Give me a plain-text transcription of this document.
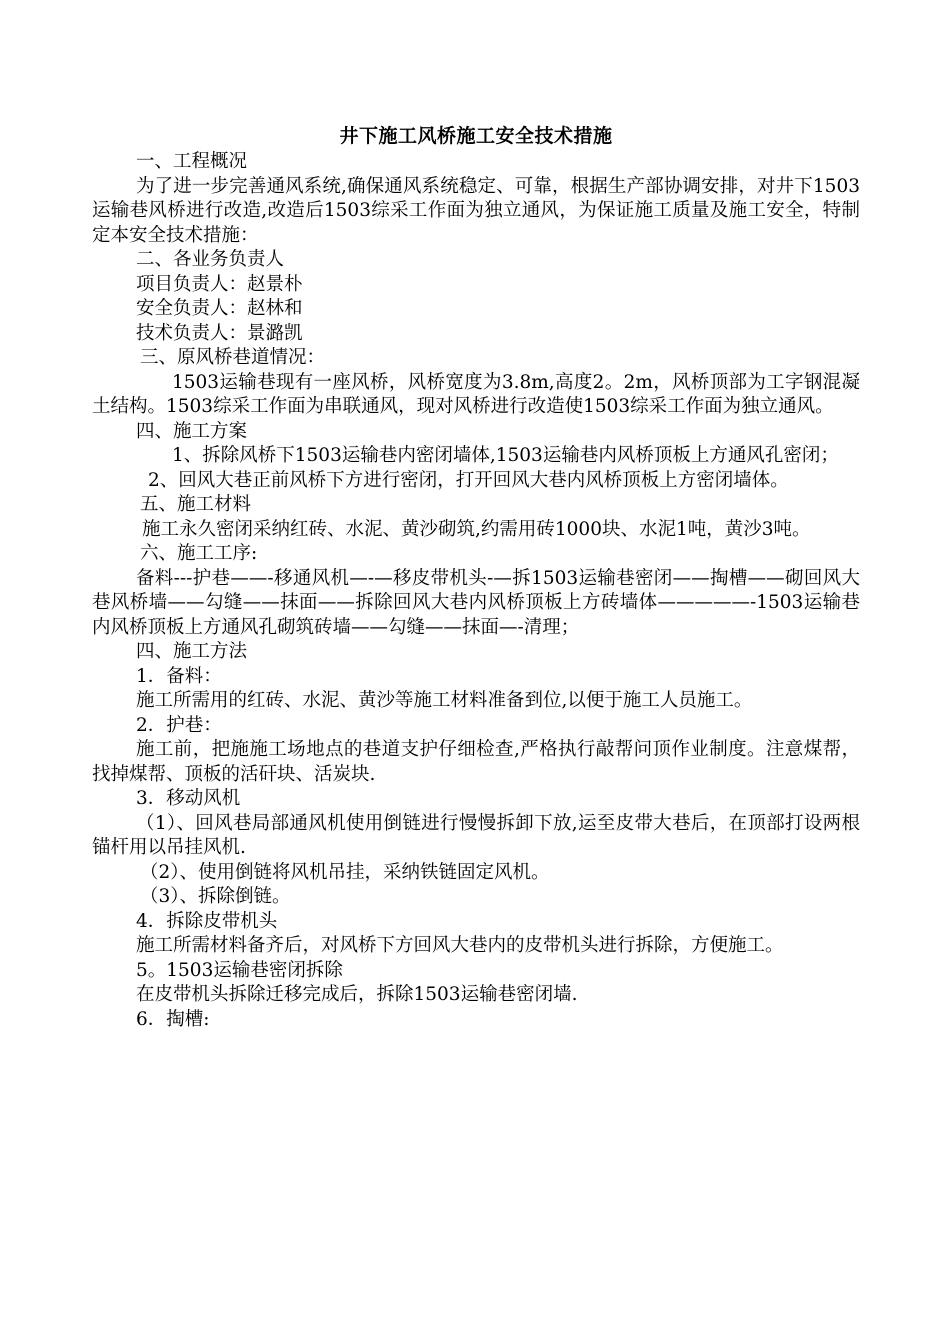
井下施工风桥施工安全技术措施

一、工程概况

为了进一步完善通风系统,确保通风系统稳定、可靠，根据生产部协调安排，对井下1503运输巷风桥进行改造,改造后1503综采工作面为独立通风，为保证施工质量及施工安全，特制定本安全技术措施：

二、各业务负责人

项目负责人：赵景朴

安全负责人：赵林和

技术负责人：景潞凯

三、原风桥巷道情况：

1503运输巷现有一座风桥，风桥宽度为3.8m,高度2。2m，风桥顶部为工字钢混凝土结构。1503综采工作面为串联通风，现对风桥进行改造使1503综采工作面为独立通风。

四、施工方案

1、拆除风桥下1503运输巷内密闭墙体,1503运输巷内风桥顶板上方通风孔密闭；

2、回风大巷正前风桥下方进行密闭，打开回风大巷内风桥顶板上方密闭墙体。

五、施工材料

施工永久密闭采纳红砖、水泥、黄沙砌筑,约需用砖1000块、水泥1吨，黄沙3吨。

六、施工工序:

备料---护巷——-移通风机—-—移皮带机头-—拆1503运输巷密闭——掏槽——砌回风大巷风桥墙——勾缝——抹面——拆除回风大巷内风桥顶板上方砖墙体—————-1503运输巷内风桥顶板上方通风孔砌筑砖墙——勾缝——抹面—-清理；

四、施工方法

1．备料：

施工所需用的红砖、水泥、黄沙等施工材料准备到位,以便于施工人员施工。

2．护巷：

施工前，把施施工场地点的巷道支护仔细检查,严格执行敲帮问顶作业制度。注意煤帮，找掉煤帮、顶板的活矸块、活炭块.

3．移动风机

（1）、回风巷局部通风机使用倒链进行慢慢拆卸下放,运至皮带大巷后，在顶部打设两根锚杆用以吊挂风机.

（2）、使用倒链将风机吊挂，采纳铁链固定风机。

（3）、拆除倒链。

4．拆除皮带机头

施工所需材料备齐后，对风桥下方回风大巷内的皮带机头进行拆除，方便施工。

5。1503运输巷密闭拆除

在皮带机头拆除迁移完成后，拆除1503运输巷密闭墙.

6．掏槽:
